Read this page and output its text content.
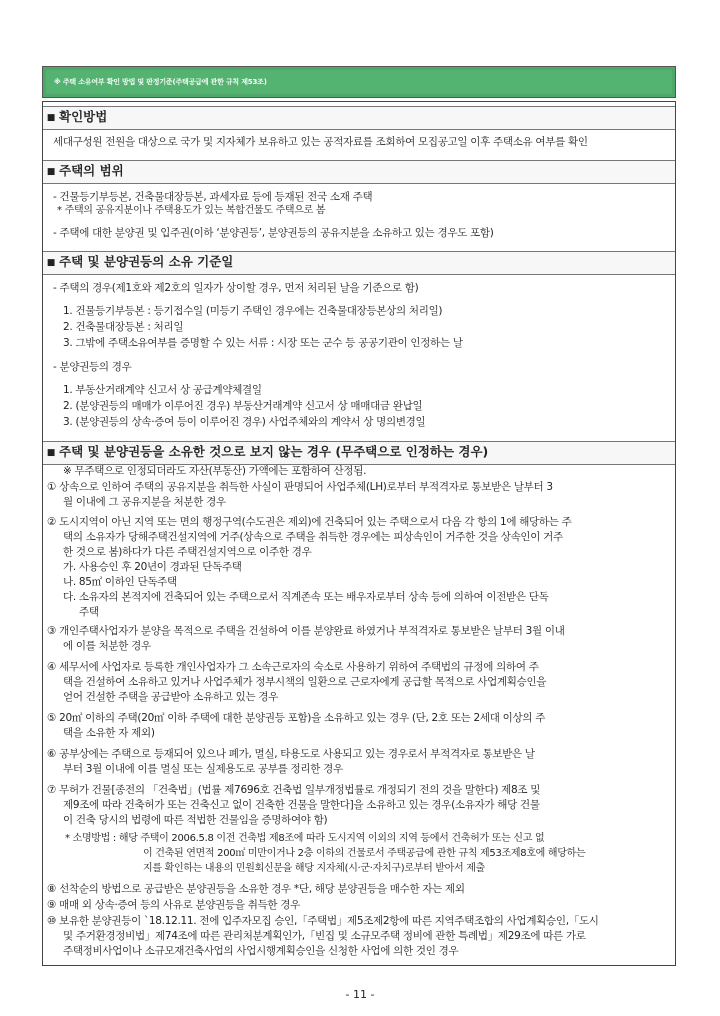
※ 주택 소유여부 확인 방법 및 판정기준(주택공급에 관한 규칙 제53조)
■ 확인방법
세대구성원 전원을 대상으로 국가 및 지자체가 보유하고 있는 공적자료를 조회하여 모집공고일 이후 주택소유 여부를 확인
■ 주택의 범위
- 건물등기부등본, 건축물대장등본, 과세자료 등에 등재된 전국 소재 주택
* 주택의 공유지분이나 주택용도가 있는 복합건물도 주택으로 봄
- 주택에 대한 분양권 및 입주권(이하 ‘분양권등’, 분양권등의 공유지분을 소유하고 있는 경우도 포함)
■ 주택 및 분양권등의 소유 기준일
- 주택의 경우(제1호와 제2호의 일자가 상이할 경우, 먼저 처리된 날을 기준으로 함)
1. 건물등기부등본 : 등기접수일 (미등기 주택인 경우에는 건축물대장등본상의 처리일)
2. 건축물대장등본 : 처리일
3. 그밖에 주택소유여부를 증명할 수 있는 서류 : 시장 또는 군수 등 공공기관이 인정하는 날
- 분양권등의 경우
1. 부동산거래계약 신고서 상 공급계약체결일
2. (분양권등의 매매가 이루어진 경우) 부동산거래계약 신고서 상 매매대금 완납일
3. (분양권등의 상속·증여 등이 이루어진 경우) 사업주체와의 계약서 상 명의변경일
■ 주택 및 분양권등을 소유한 것으로 보지 않는 경우 (무주택으로 인정하는 경우)
※ 무주택으로 인정되더라도 자산(부동산) 가액에는 포함하여 산정됨.
① 상속으로 인하여 주택의 공유지분을 취득한 사실이 판명되어 사업주체(LH)로부터 부적격자로 통보받은 날부터 3
월 이내에 그 공유지분을 처분한 경우
② 도시지역이 아닌 지역 또는 면의 행정구역(수도권은 제외)에 건축되어 있는 주택으로서 다음 각 항의 1에 해당하는 주
택의 소유자가 당해주택건설지역에 거주(상속으로 주택을 취득한 경우에는 피상속인이 거주한 것을 상속인이 거주
한 것으로 봄)하다가 다른 주택건설지역으로 이주한 경우
가. 사용승인 후 20년이 경과된 단독주택
나. 85㎡ 이하인 단독주택
다. 소유자의 본적지에 건축되어 있는 주택으로서 직계존속 또는 배우자로부터 상속 등에 의하여 이전받은 단독
주택
③ 개인주택사업자가 분양을 목적으로 주택을 건설하여 이를 분양완료 하였거나 부적격자로 통보받은 날부터 3월 이내
에 이를 처분한 경우
④ 세무서에 사업자로 등록한 개인사업자가 그 소속근로자의 숙소로 사용하기 위하여 주택법의 규정에 의하여 주
택을 건설하여 소유하고 있거나 사업주체가 정부시책의 일환으로 근로자에게 공급할 목적으로 사업계획승인을
얻어 건설한 주택을 공급받아 소유하고 있는 경우
⑤ 20㎡ 이하의 주택(20㎡ 이하 주택에 대한 분양권등 포함)을 소유하고 있는 경우 (단, 2호 또는 2세대 이상의 주
택을 소유한 자 제외)
⑥ 공부상에는 주택으로 등재되어 있으나 폐가, 멸실, 타용도로 사용되고 있는 경우로서 부적격자로 통보받은 날
부터 3월 이내에 이를 멸실 또는 실제용도로 공부를 정리한 경우
⑦ 무허가 건물[종전의 「건축법」(법률 제7696호 건축법 일부개정법률로 개정되기 전의 것을 말한다) 제8조 및
제9조에 따라 건축허가 또는 건축신고 없이 건축한 건물을 말한다]을 소유하고 있는 경우(소유자가 해당 건물
이 건축 당시의 법령에 따른 적법한 건물임을 증명하여야 함)
* 소명방법 : 해당 주택이 2006.5.8 이전 건축법 제8조에 따라 도시지역 이외의 지역 등에서 건축허가 또는 신고 없
이 건축된 연면적 200㎡ 미만이거나 2층 이하의 건물로서 주택공급에 관한 규칙 제53조제8호에 해당하는
지를 확인하는 내용의 민원회신문을 해당 지자체(시·군·자치구)로부터 받아서 제출
⑧ 선착순의 방법으로 공급받은 분양권등을 소유한 경우 *단, 해당 분양권등을 매수한 자는 제외
⑨ 매매 외 상속·증여 등의 사유로 분양권등을 취득한 경우
⑩ 보유한 분양권등이 `18.12.11. 전에 입주자모집 승인,「주택법」제5조제2항에 따른 지역주택조합의 사업계획승인,「도시
및 주거환경정비법」제74조에 따른 관리처분계획인가,「빈집 및 소규모주택 정비에 관한 특례법」제29조에 따른 가로
주택정비사업이나 소규모재건축사업의 사업시행계획승인을 신청한 사업에 의한 것인 경우
- 11 -
